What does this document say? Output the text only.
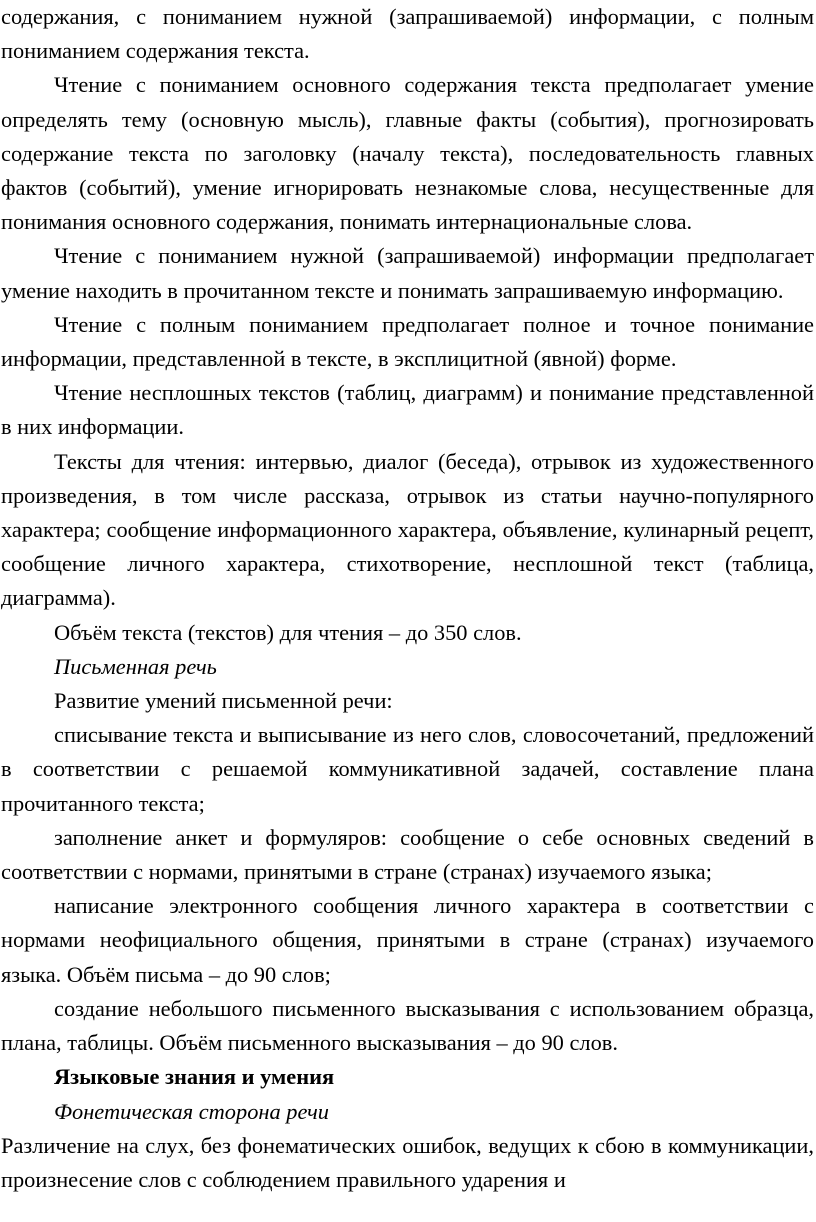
содержания, с пониманием нужной (запрашиваемой) информации, с полным пониманием содержания текста.

Чтение с пониманием основного содержания текста предполагает умение определять тему (основную мысль), главные факты (события), прогнозировать содержание текста по заголовку (началу текста), последовательность главных фактов (событий), умение игнорировать незнакомые слова, несущественные для понимания основного содержания, понимать интернациональные слова.

Чтение с пониманием нужной (запрашиваемой) информации предполагает умение находить в прочитанном тексте и понимать запрашиваемую информацию.

Чтение с полным пониманием предполагает полное и точное понимание информации, представленной в тексте, в эксплицитной (явной) форме.

Чтение несплошных текстов (таблиц, диаграмм) и понимание представленной в них информации.

Тексты для чтения: интервью, диалог (беседа), отрывок из художественного произведения, в том числе рассказа, отрывок из статьи научно-популярного характера; сообщение информационного характера, объявление, кулинарный рецепт, сообщение личного характера, стихотворение, несплошной текст (таблица, диаграмма).

Объём текста (текстов) для чтения – до 350 слов.

Письменная речь

Развитие умений письменной речи:

списывание текста и выписывание из него слов, словосочетаний, предложений в соответствии с решаемой коммуникативной задачей, составление плана прочитанного текста;

заполнение анкет и формуляров: сообщение о себе основных сведений в соответствии с нормами, принятыми в стране (странах) изучаемого языка;

написание электронного сообщения личного характера в соответствии с нормами неофициального общения, принятыми в стране (странах) изучаемого языка. Объём письма – до 90 слов;

создание небольшого письменного высказывания с использованием образца, плана, таблицы. Объём письменного высказывания – до 90 слов.

Языковые знания и умения

Фонетическая сторона речи

Различение на слух, без фонематических ошибок, ведущих к сбою в коммуникации, произнесение слов с соблюдением правильного ударения и
